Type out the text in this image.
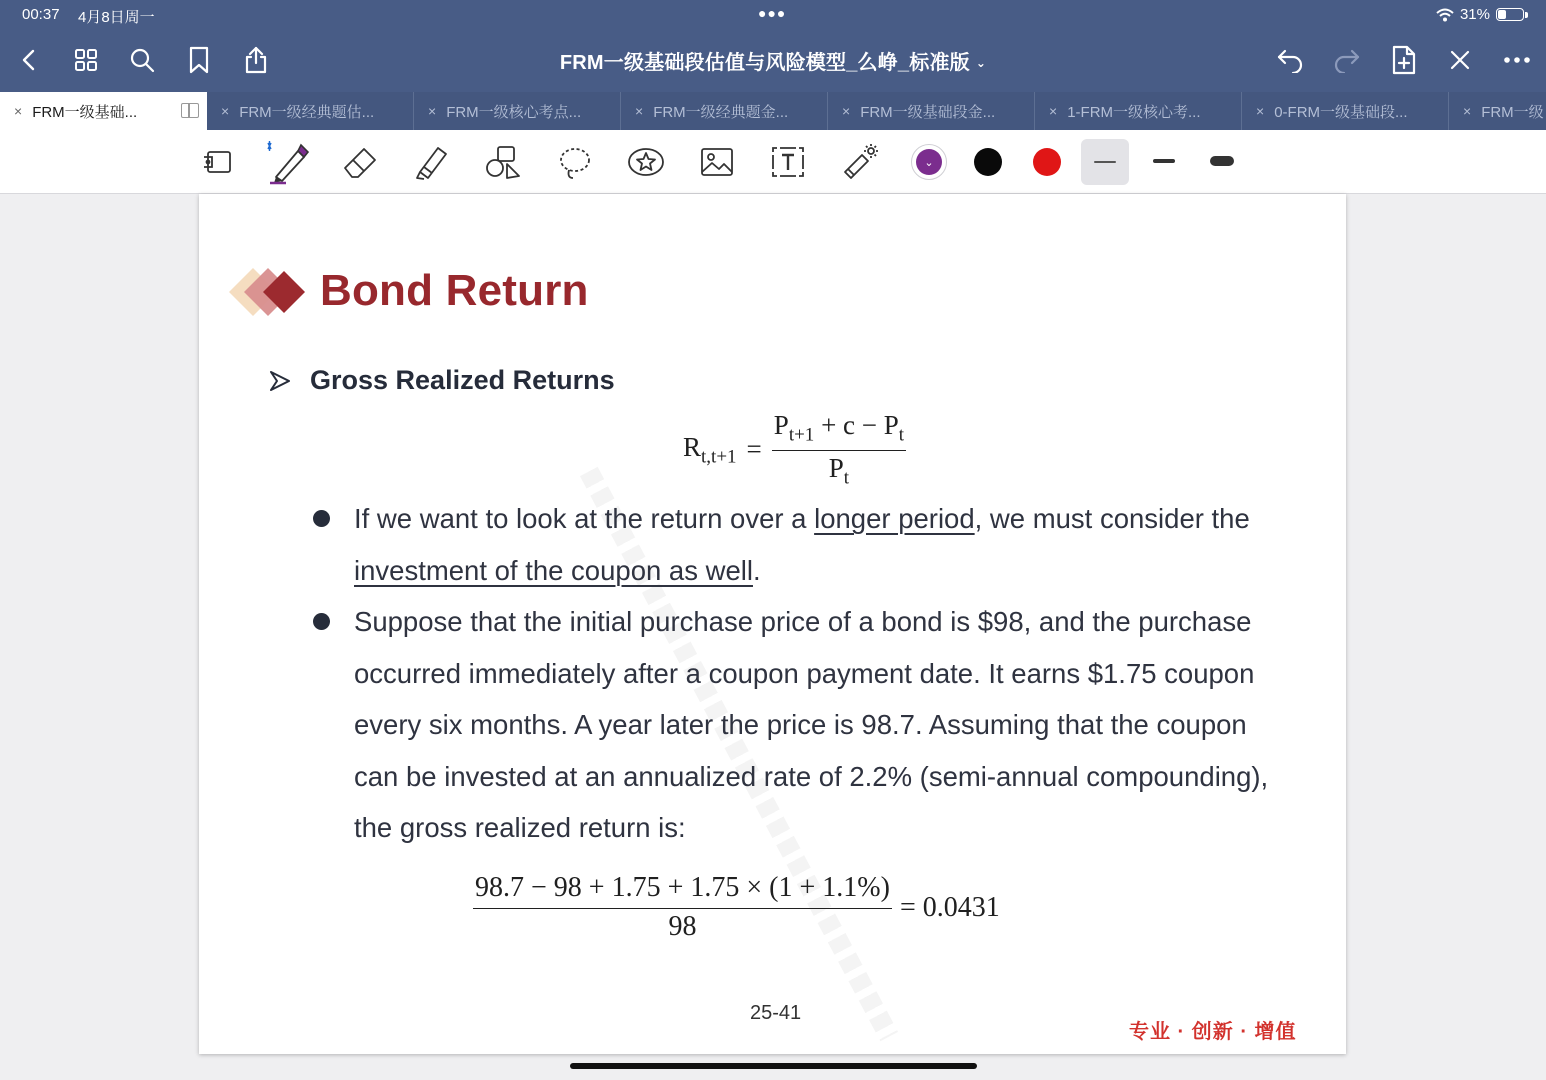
00:37 4月8日周一	●●●	31%
FRM一级基础段估值与风险模型_么峥_标准版 ⌄
× FRM一级基础...	× FRM一级经典题估...	× FRM一级核心考点...	× FRM一级经典题金...	× FRM一级基础段金...	× 1-FRM一级核心考...	× 0-FRM一级基础段...	× FRM一级
⌄
Bond Return
Gross Realized Returns
$R_{t,t+1} = \frac{P_{t+1} + c - P_t}{P_t}$
If we want to look at the return over a longer period, we must consider the investment of the coupon as well.
Suppose that the initial purchase price of a bond is $98, and the purchase occurred immediately after a coupon payment date. It earns $1.75 coupon every six months. A year later the price is 98.7. Assuming that the coupon can be invested at an annualized rate of 2.2% (semi-annual compounding), the gross realized return is:
$\frac{98.7 - 98 + 1.75 + 1.75 \times (1 + 1.1\%)}{98} = 0.0431$
25-41
专业 · 创新 · 增值
